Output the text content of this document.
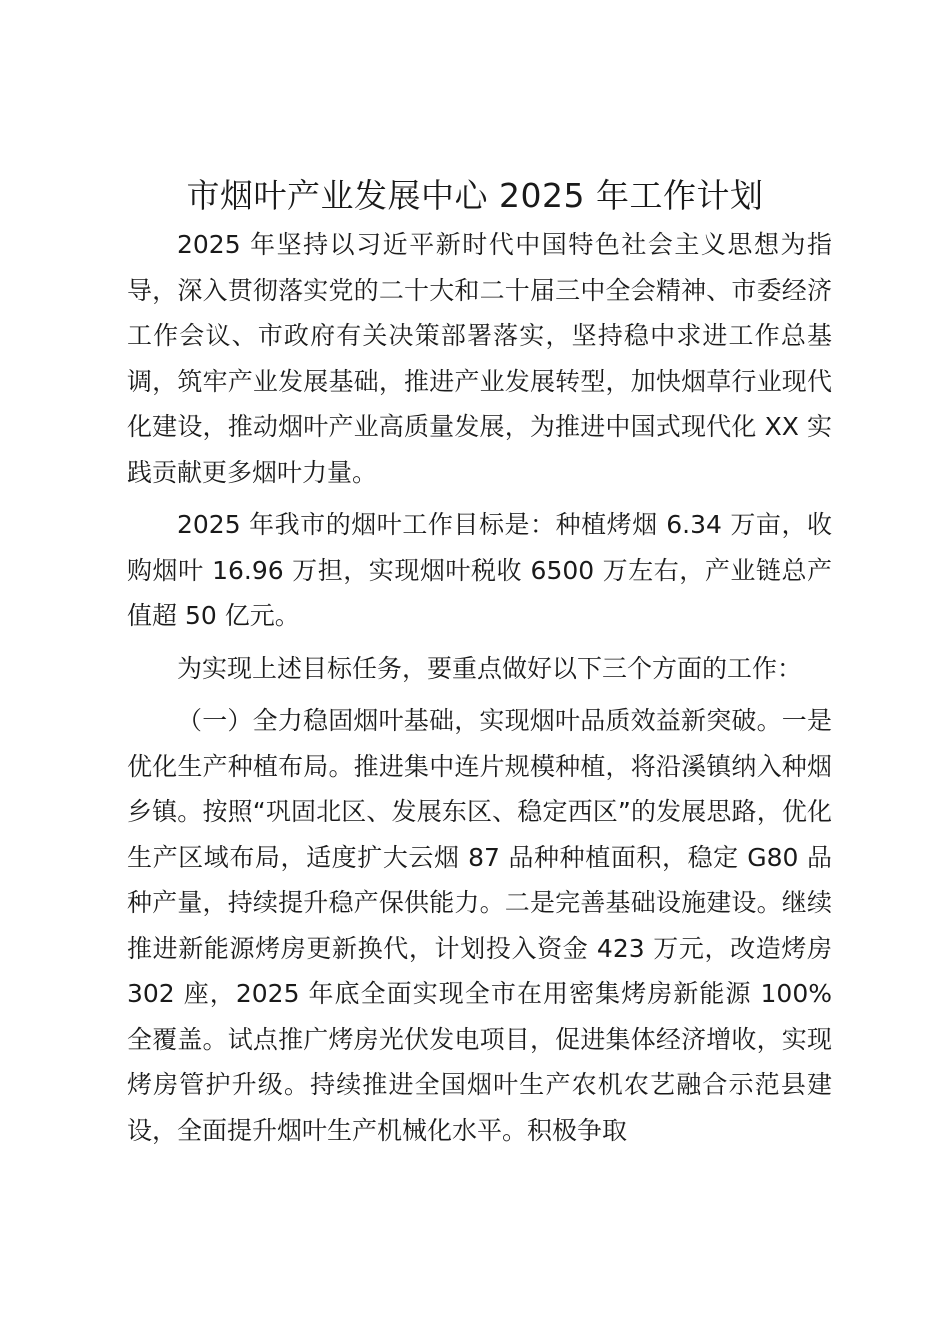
市烟叶产业发展中心 2025 年工作计划

2025 年坚持以习近平新时代中国特色社会主义思想为指导，深入贯彻落实党的二十大和二十届三中全会精神、市委经济工作会议、市政府有关决策部署落实，坚持稳中求进工作总基调，筑牢产业发展基础，推进产业发展转型，加快烟草行业现代化建设，推动烟叶产业高质量发展，为推进中国式现代化 XX 实践贡献更多烟叶力量。

2025 年我市的烟叶工作目标是：种植烤烟 6.34 万亩，收购烟叶 16.96 万担，实现烟叶税收 6500 万左右，产业链总产值超 50 亿元。

为实现上述目标任务，要重点做好以下三个方面的工作：

（一）全力稳固烟叶基础，实现烟叶品质效益新突破。一是优化生产种植布局。推进集中连片规模种植，将沿溪镇纳入种烟乡镇。按照“巩固北区、发展东区、稳定西区”的发展思路，优化生产区域布局，适度扩大云烟 87 品种种植面积，稳定 G80 品种产量，持续提升稳产保供能力。二是完善基础设施建设。继续推进新能源烤房更新换代，计划投入资金 423 万元，改造烤房 302 座，2025 年底全面实现全市在用密集烤房新能源 100%全覆盖。试点推广烤房光伏发电项目，促进集体经济增收，实现烤房管护升级。持续推进全国烟叶生产农机农艺融合示范县建设，全面提升烟叶生产机械化水平。积极争取
